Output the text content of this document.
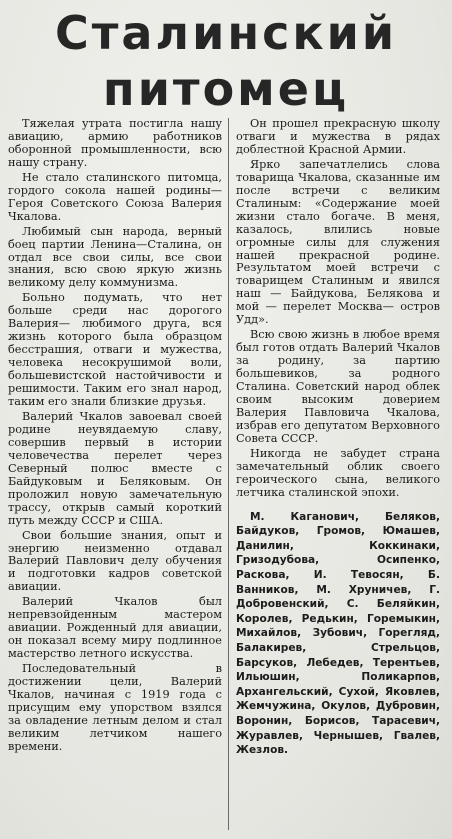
Сталинский
питомец

Тяжелая утрата постигла нашу авиацию, армию работников оборонной промышленности, всю нашу страну.

Не стало сталинского питомца, гордого сокола нашей родины— Героя Советского Союза Валерия Чкалова.

Любимый сын народа, верный боец партии Ленина—Сталина, он отдал все свои силы, все свои знания, всю свою яркую жизнь великому делу коммунизма.

Больно подумать, что нет больше среди нас дорогого Валерия— любимого друга, вся жизнь которого была образцом бесстрашия, отваги и мужества, человека несокрушимой воли, большевистской настойчивости и решимости. Таким его знал народ, таким его знали близкие друзья.

Валерий Чкалов завоевал своей родине неувядаемую славу, совершив первый в истории человечества перелет через Северный полюс вместе с Байдуковым и Беляковым. Он проложил новую замечательную трассу, открыв самый короткий путь между СССР и США.

Свои большие знания, опыт и энергию неизменно отдавал Валерий Павлович делу обучения и подготовки кадров советской авиации.

Валерий Чкалов был непревзойденным мастером авиации. Рожденный для авиации, он показал всему миру подлинное мастерство летного искусства.

Последовательный в достижении цели, Валерий Чкалов, начиная с 1919 года с присущим ему упорством взялся за овладение летным делом и стал великим летчиком нашего времени.

Он прошел прекрасную школу отваги и мужества в рядах доблестной Красной Армии.

Ярко запечатлелись слова товарища Чкалова, сказанные им после встречи с великим Сталиным: «Содержание моей жизни стало богаче. В меня, казалось, влились новые огромные силы для служения нашей прекрасной родине. Результатом моей встречи с товарищем Сталиным и явился наш — Байдукова, Белякова и мой — перелет Москва— остров Удд».

Всю свою жизнь в любое время был готов отдать Валерий Чкалов за родину, за партию большевиков, за родного Сталина. Советский народ облек своим высоким доверием Валерия Павловича Чкалова, избрав его депутатом Верховного Совета СССР.

Никогда не забудет страна замечательный облик своего героического сына, великого летчика сталинской эпохи.

М. Каганович, Беляков, Байдуков, Громов, Юмашев, Данилин, Коккинаки, Гризодубова, Осипенко, Раскова, И. Тевосян, Б. Ванников, М. Хруничев, Г. Добровенский, С. Беляйкин, Королев, Редькин, Горемыкин, Михайлов, Зубович, Горегляд, Балакирев, Стрельцов, Барсуков, Лебедев, Терентьев, Ильюшин, Поликарпов, Архангельский, Сухой, Яковлев, Жемчужина, Окулов, Дубровин, Воронин, Борисов, Тарасевич, Журавлев, Чернышев, Гвалев, Жезлов.
